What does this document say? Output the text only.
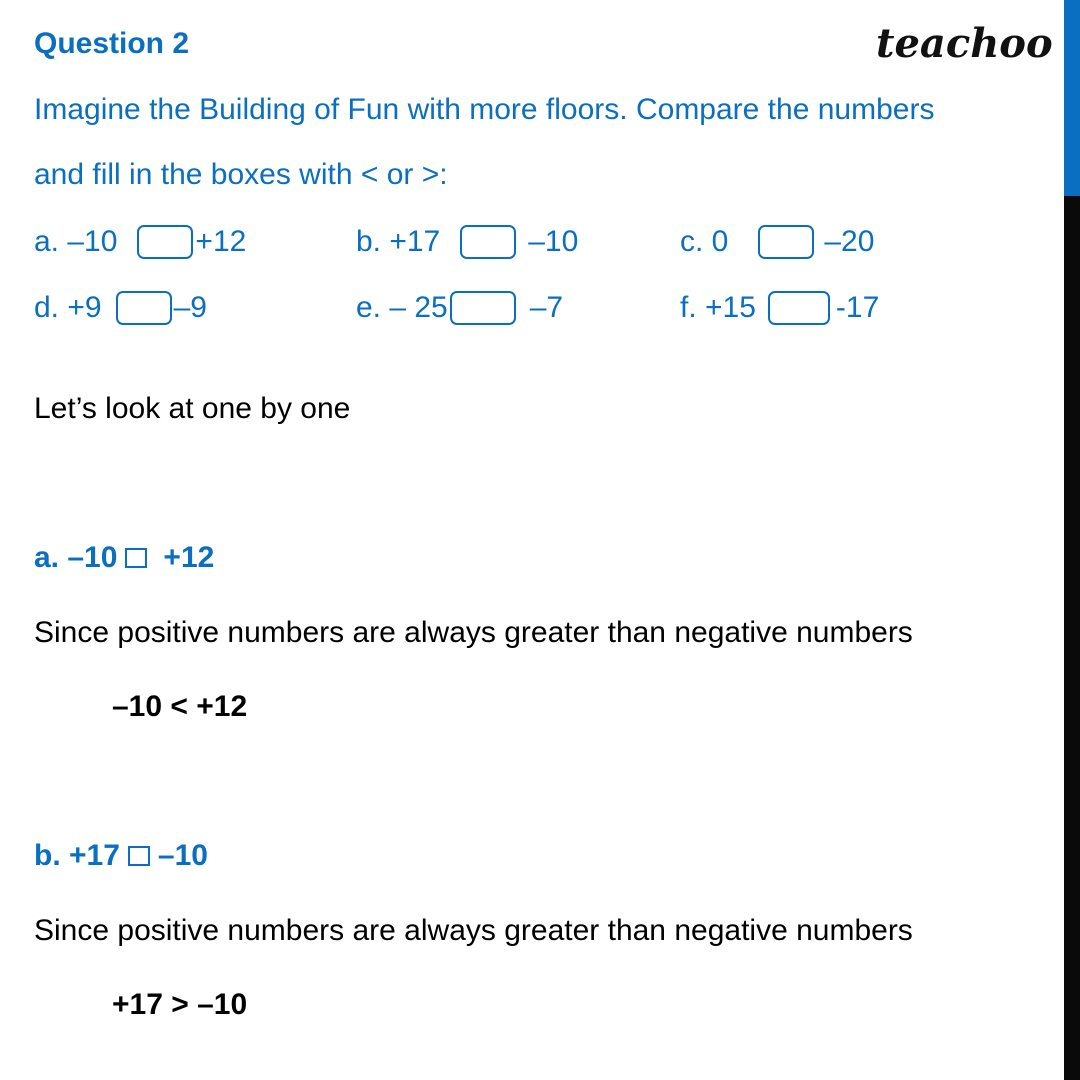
Question 2	teachoo
Imagine the Building of Fun with more floors. Compare the numbers
and fill in the boxes with < or >:
a. –10	+12	b. +17	–10	c. 0	–20
d. +9 –9	e. – 25	–7	f. +15	-17
Let’s look at one by one
a. –10 +12
Since positive numbers are always greater than negative numbers
–10 < +12
b. +17 –10
Since positive numbers are always greater than negative numbers
+17 > –10
